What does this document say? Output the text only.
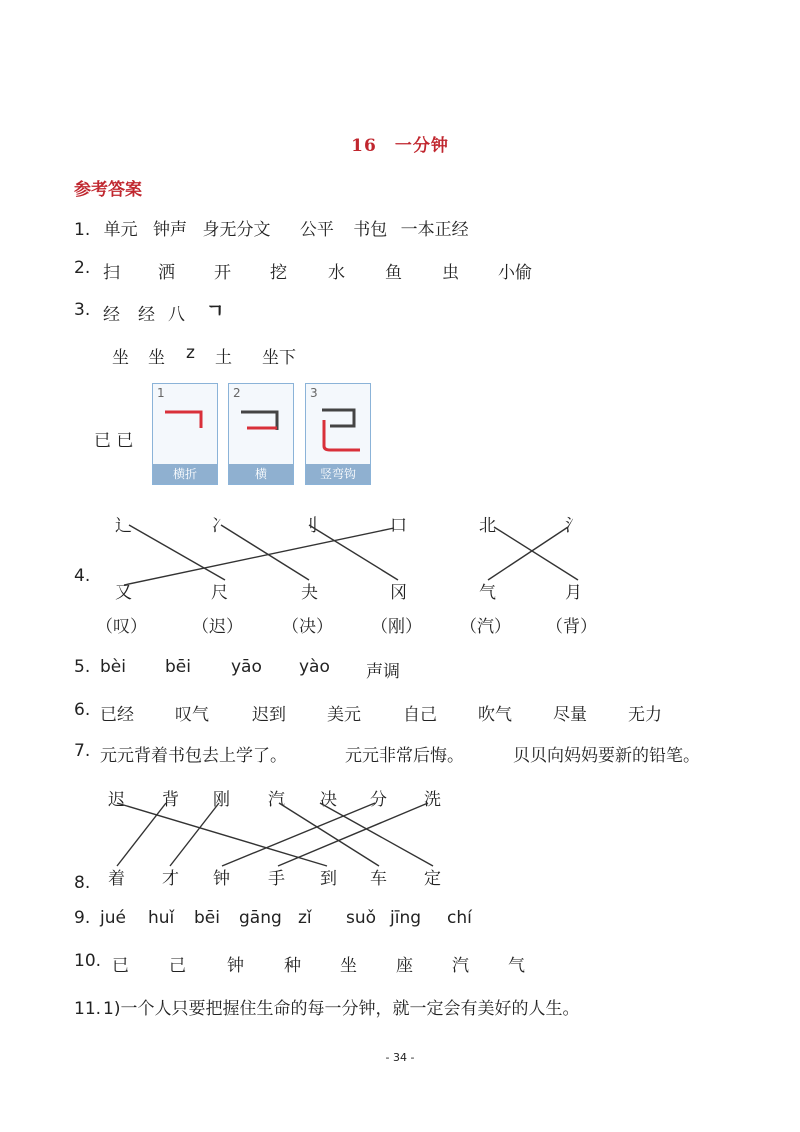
16　一分钟
参考答案
1. 单元 钟声 身无分文 公平 书包 一本正经
2. 扫 洒 开 挖 水 鱼 虫 小偷
3. 经 经 八 ㄱ
坐 坐 z 土 坐下
已 已
1
横折
2
横
3
竖弯钩
4.
辶	冫	刂	口	北	氵
又	尺	夬	冈	气	月
（叹）	（迟） （决） （刚） （汽） （背）
5. bèi bēi yāo yào 声调
6. 已经 叹气	迟到 美元 自己 吹气 尽量 无力
7. 元元背着书包去上学了。	元元非常后悔。	贝贝向妈妈要新的铅笔。
8.
迟 背 刚 汽 决 分 洗
着 才 钟 手 到 车 定
9. jué huǐ bēi gāng zǐ suǒ jīng chí
10. 已 己 钟 种 坐 座 汽 气
11. 1)一个人只要把握住生命的每一分钟，就一定会有美好的人生。
- 34 -
